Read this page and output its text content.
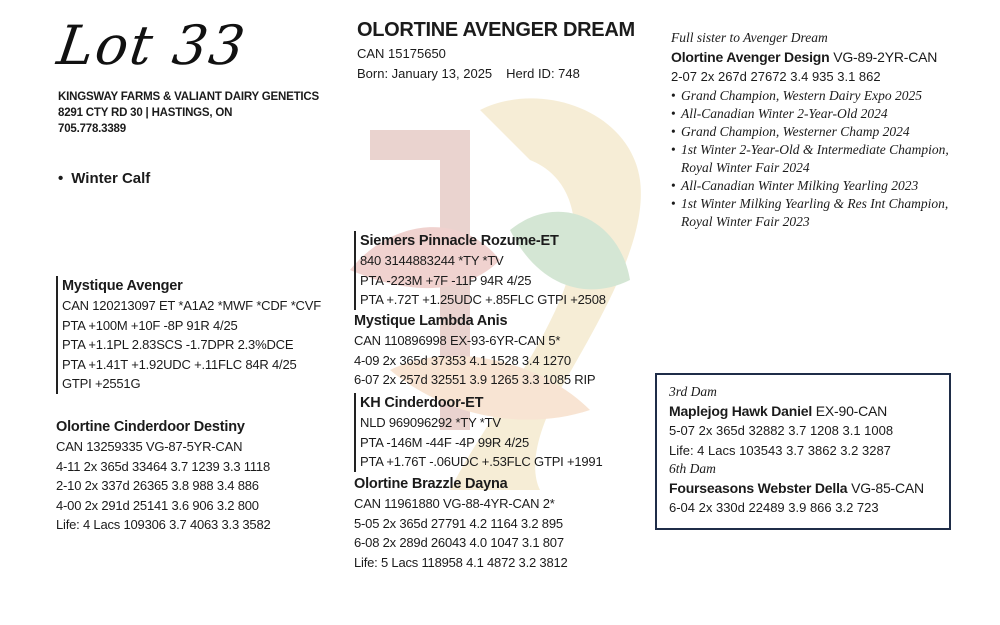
Lot 33
KINGSWAY FARMS & VALIANT DAIRY GENETICS
8291 CTY RD 30 | HASTINGS, ON
705.778.3389
• Winter Calf
OLORTINE AVENGER DREAM
CAN 15175650
Born: January 13, 2025 Herd ID: 748
Mystique Avenger
CAN 120213097 ET *A1A2 *MWF *CDF *CVF
PTA +100M +10F -8P 91R 4/25
PTA +1.1PL 2.83SCS -1.7DPR 2.3%DCE
PTA +1.41T +1.92UDC +.11FLC 84R 4/25
GTPI +2551G
Olortine Cinderdoor Destiny
CAN 13259335 VG-87-5YR-CAN
4-11 2x 365d 33464 3.7 1239 3.3 1118
2-10 2x 337d 26365 3.8 988 3.4 886
4-00 2x 291d 25141 3.6 906 3.2 800
Life: 4 Lacs 109306 3.7 4063 3.3 3582
Siemers Pinnacle Rozume-ET
840 3144883244 *TY *TV
PTA -223M +7F -11P 94R 4/25
PTA +.72T +1.25UDC +.85FLC GTPI +2508
Mystique Lambda Anis
CAN 110896998 EX-93-6YR-CAN 5*
4-09 2x 365d 37353 4.1 1528 3.4 1270
6-07 2x 257d 32551 3.9 1265 3.3 1085 RIP
KH Cinderdoor-ET
NLD 969096292 *TY *TV
PTA -146M -44F -4P 99R 4/25
PTA +1.76T -.06UDC +.53FLC GTPI +1991
Olortine Brazzle Dayna
CAN 11961880 VG-88-4YR-CAN 2*
5-05 2x 365d 27791 4.2 1164 3.2 895
6-08 2x 289d 26043 4.0 1047 3.1 807
Life: 5 Lacs 118958 4.1 4872 3.2 3812
Full sister to Avenger Dream
Olortine Avenger Design VG-89-2YR-CAN
2-07 2x 267d 27672 3.4 935 3.1 862
• Grand Champion, Western Dairy Expo 2025
• All-Canadian Winter 2-Year-Old 2024
• Grand Champion, Westerner Champ 2024
• 1st Winter 2-Year-Old & Intermediate Champion, Royal Winter Fair 2024
• All-Canadian Winter Milking Yearling 2023
• 1st Winter Milking Yearling & Res Int Champion, Royal Winter Fair 2023
3rd Dam
Maplejog Hawk Daniel EX-90-CAN
5-07 2x 365d 32882 3.7 1208 3.1 1008
Life: 4 Lacs 103543 3.7 3862 3.2 3287
6th Dam
Fourseasons Webster Della VG-85-CAN
6-04 2x 330d 22489 3.9 866 3.2 723
